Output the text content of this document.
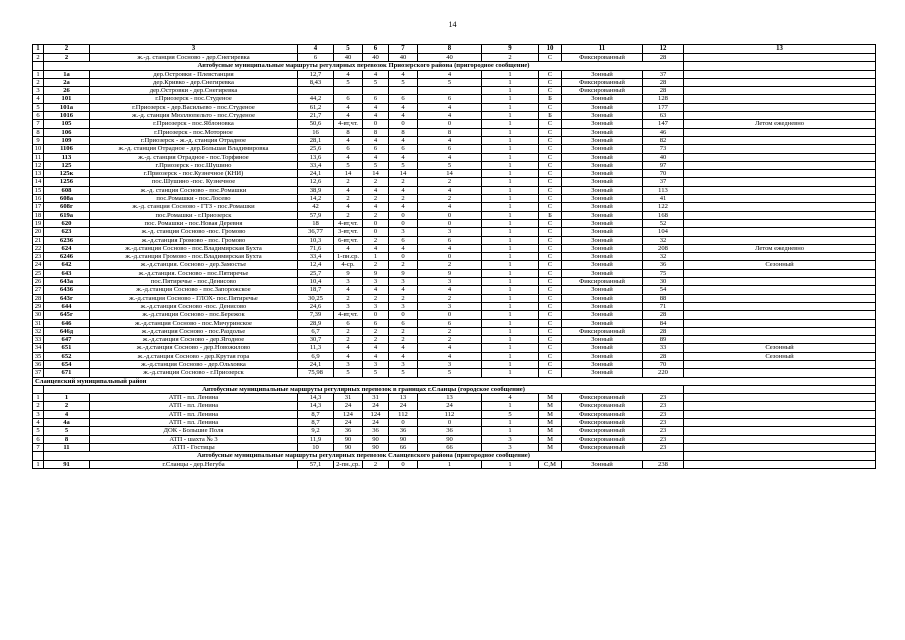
14
1	2	3	4	5	6	7	8	9	10	11	12	13
2	2	ж.-д. станция Сосново - дер.Снегиревка	6	40	40	40	40	2	С	Фиксированный	28	
	Автобусные муниципальные маршруты регулярных перевозок Приозерского района (пригородное сообщение)											
1	1а	дер.Островки - Плевстанция	12,7	4	4	4	4	1	С	Зонный	37	
2	2а	дер.Кривко - дер.Снегиревка	8,43	5	5	5	5	1	С	Фиксированный	28	
3	26	дер.Островки - дер.Снегиревка						1	С	Фиксированный	28	
4	101	г.Приозерск - пос.Студеное	44,2	6	6	6	6	1	Б	Зонный	128	
5	101а	г.Приозерск - дер.Васильево - пос.Студеное	61,2	4	4	4	4	1	С	Зонный	177	
6	1016	ж.-д. станция Мюллюпельто - пос.Студеное	21,7	4	4	4	4	1	Б	Зонный	63	
7	105	г.Приозерск - пос.Яблоновка	50,6	4-вт,чт.	0	0	0	1	С	Зонный	147	Летом ежедневно
8	106	г.Приозерск - пос.Моторное	16	8	8	8	8	1	С	Зонный	46	
9	109	г.Приозерск - ж.-д. станция Отрадное	28,1	4	4	4	4	1	С	Зонный	82	
10	1106	ж.-д. станция Отрадное - дер.Большая Владимировка	25,6	6	6	6	6	1	С	Зонный	73	
11	113	ж.-д. станция Отрадное - пос.Торфяное	13,6	4	4	4	4	1	С	Зонный	40	
12	125	г.Приозерск - пос.Шушино	33,4	5	5	5	5	1	С	Зонный	97	
13	125к	г.Приозерск - пос.Кузнечное (КНИ)	24,1	14	14	14	14	1	С	Зонный	70	
14	1256	пос.Шушино -пос. Кузнечное	12,6	2	2	2	2	1	С	Зонный	37	
15	608	ж.-д. станция Сосново - пос.Ромашки	38,9	4	4	4	4	1	С	Зонный	113	
16	608а	пос.Ромашки - пос.Лосево	14,2	2	2	2	2	1	С	Зонный	41	
17	608г	ж.-д. станция Сосново - ГТЗ - пос.Ромашки	42	4	4	4	4	1	С	Зонный	122	
18	619а	пос.Ромашки - г.Приозерск	57,9	2	2	0	0	1	Б	Зонный	168	
19	620	пос. Ромашки - пос.Новая Деревня	18	4-вт,чт.	0	0	0	1	С	Зонный	52	
20	623	ж.-д. станция Сосново -пос. Громово	36,77	3-вт,чт.	0	3	3	1	С	Зонный	104	
21	6236	ж.-д.станция Громово - пос. Громово	10,3	6-вт,чт.	2	6	6	1	С	Зонный	32	
22	624	ж.-д.станция Сосново - пос.Владимирская Бухта	71,6	4	4	4	4	1	С	Зонный	208	Летом ежедневно
23	6246	ж.-д.станция Громово - пос.Владимирская Бухта	33,4	1-пн.ср.	1	0	0	1	С	Зонный	32	
24	642	ж.-д.станция. Сосново - дер.Замостье	12,4	4-ср.	2	2	2	1	С	Зонный	36	Сезонный
25	643	ж.-д.станция. Сосново - пос.Пятиречье	25,7	9	9	9	9	1	С	Зонный	75	
26	643а	пос.Пятиречье - пос.Денисово	10,4	3	3	3	3	1	С	Фиксированный	30	
27	6436	ж.-д.станция Сосново - пос.Запорожское	18,7	4	4	4	4	1	С	Зонный	54	
28	643г	ж.-д.станция Сосново - ГЛОХ- пос.Пятиречье	30,25	2	2	2	2	1	С	Зонный	88	
29	644	ж.-д.станция Сосново -пос. Денисово	24,6	3	3	3	3	1	С	Зонный	71	
30	645г	ж.-д.станция Сосново - пос.Бережок	7,39	4-вт,чт.	0	0	0	1	С	Зонный	28	
31	646	ж.-д.станция Сосново - пос.Мичуринское	28,9	6	6	6	6	1	С	Зонный	84	
32	646д	ж.-д.станция Сосново - пос.Раздолье	6,7	2	2	2	2	1	С	Фиксированный	28	
33	647	ж.-д.станция Сосново - дер.Ягодное	30,7	2	2	2	2	1	С	Зонный	89	
34	651	ж.-д.станция Сосново - дер.Новожилово	11,3	4	4	4	4	1	С	Зонный	33	Сезонный
35	652	ж.-д.станция Сосново - дер.Крутая гора	6,9	4	4	4	4	1	С	Зонный	28	Сезонный
36	654	ж.-д.станция Сосново - дер.Ольховка	24,1	3	3	3	3	1	С	Зонный	70	
37	671	ж.-д.станция Сосново - г.Приозерск	75,98	5	5	5	5	1	С	Зонный	220	
Сланцевский муниципальный район												
	Автобусные муниципальные маршруты регулярных перевозок в границах г.Сланцы (городское сообщение)											
1	1	АТП - пл. Ленина	14,3	31	31	13	13	4	М	Фиксированный	23	
2	2	АТП - пл. Ленина	14,3	24	24	24	24	1	М	Фиксированный	23	
3	4	АТП - пл. Ленина	8,7	124	124	112	112	5	М	Фиксированный	23	
4	4а	АТП - пл. Ленина	8,7	24	24	0	0	1	М	Фиксированный	23	
5	5	ДОК - Большие Поля	9,2	36	36	36	36	1	М	Фиксированный	23	
6	8	АТП - шахта № 3	11,9	90	90	90	90	3	М	Фиксированный	23	
7	11	АТП - Гостицы	10	90	90	66	66	3	М	Фиксированный	23	
	Автобусные муниципальные маршруты регулярных перевозок Сланцевского района (пригородное сообщение)											
1	91	г.Сланцы - дер.Негуба	57,1	2-пн.,ср.	2	0	1	1	С,М	Зонный	238	
